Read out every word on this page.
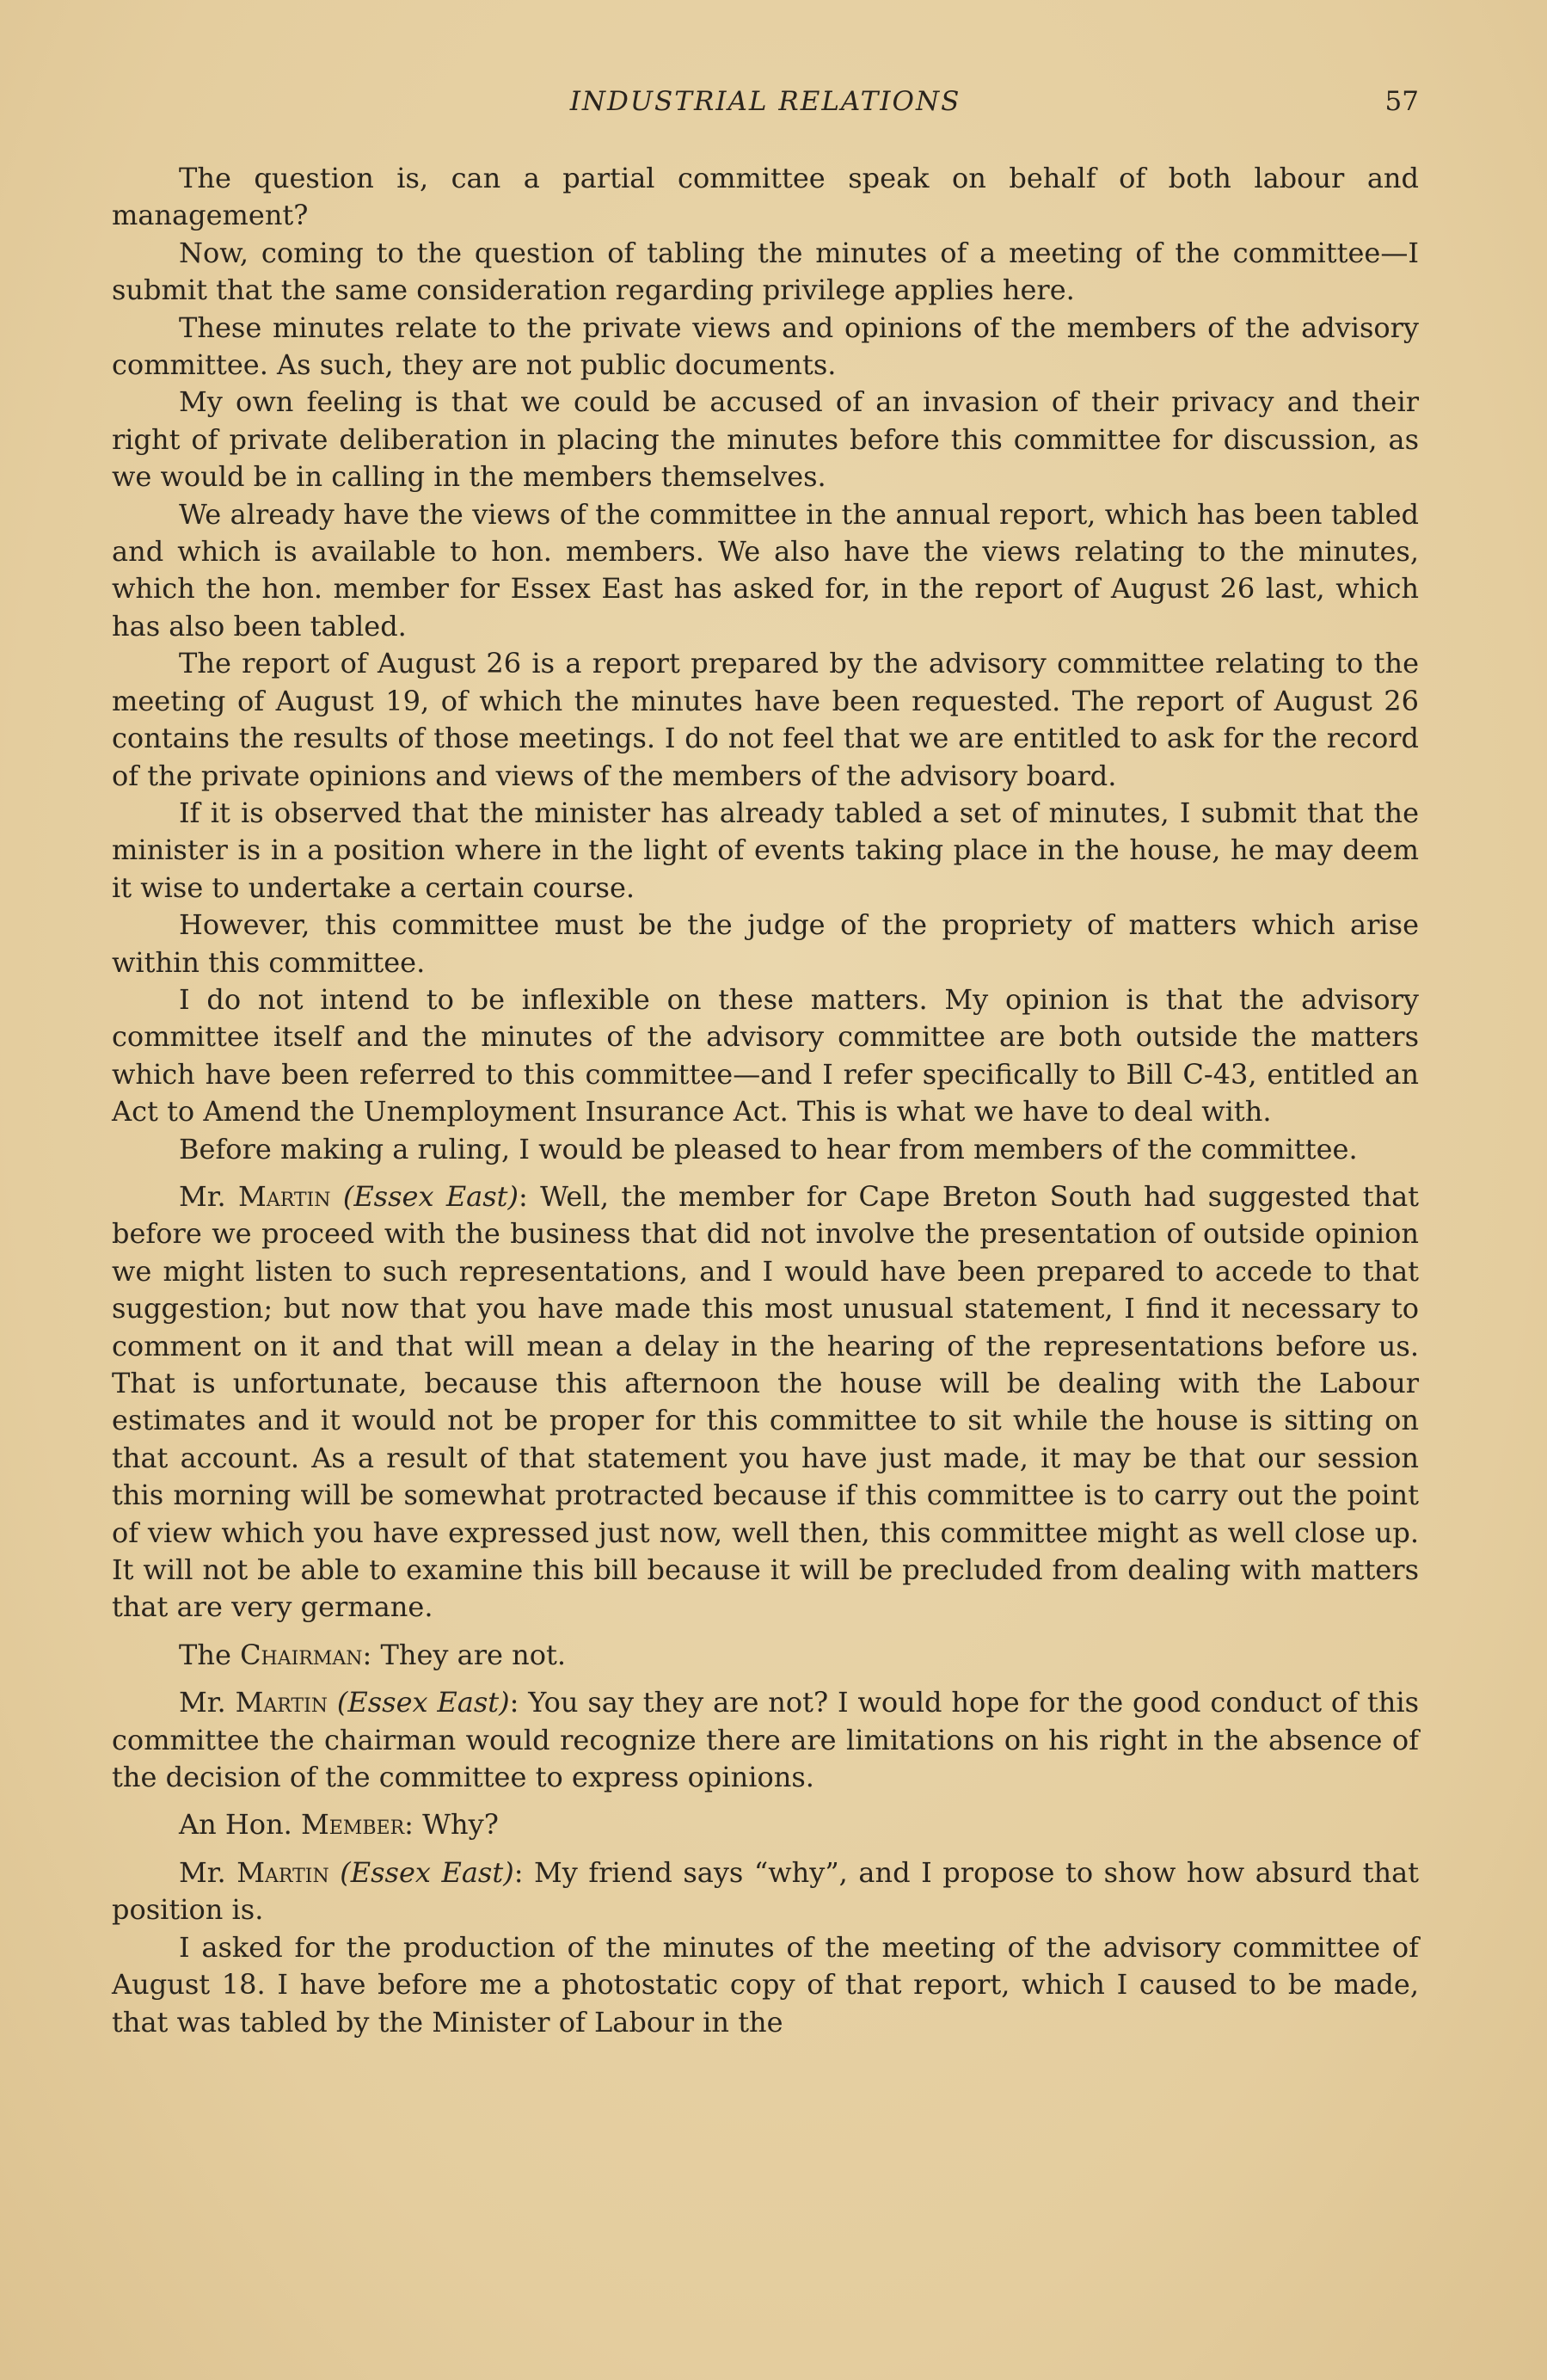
INDUSTRIAL RELATIONS	57

The question is, can a partial committee speak on behalf of both labour and management?

Now, coming to the question of tabling the minutes of a meeting of the committee—I submit that the same consideration regarding privilege applies here.

These minutes relate to the private views and opinions of the members of the advisory committee. As such, they are not public documents.

My own feeling is that we could be accused of an invasion of their privacy and their right of private deliberation in placing the minutes before this committee for discussion, as we would be in calling in the members themselves.

We already have the views of the committee in the annual report, which has been tabled and which is available to hon. members. We also have the views relating to the minutes, which the hon. member for Essex East has asked for, in the report of August 26 last, which has also been tabled.

The report of August 26 is a report prepared by the advisory committee relating to the meeting of August 19, of which the minutes have been requested. The report of August 26 contains the results of those meetings. I do not feel that we are entitled to ask for the record of the private opinions and views of the members of the advisory board.

If it is observed that the minister has already tabled a set of minutes, I submit that the minister is in a position where in the light of events taking place in the house, he may deem it wise to undertake a certain course.

However, this committee must be the judge of the propriety of matters which arise within this committee.

I do not intend to be inflexible on these matters. My opinion is that the advisory committee itself and the minutes of the advisory committee are both outside the matters which have been referred to this committee—and I refer specifically to Bill C-43, entitled an Act to Amend the Unemployment Insurance Act. This is what we have to deal with.

Before making a ruling, I would be pleased to hear from members of the committee.

Mr. Martin (Essex East): Well, the member for Cape Breton South had suggested that before we proceed with the business that did not involve the presentation of outside opinion we might listen to such representations, and I would have been prepared to accede to that suggestion; but now that you have made this most unusual statement, I find it necessary to comment on it and that will mean a delay in the hearing of the representations before us. That is unfortunate, because this afternoon the house will be dealing with the Labour estimates and it would not be proper for this committee to sit while the house is sitting on that account. As a result of that statement you have just made, it may be that our session this morning will be somewhat protracted because if this committee is to carry out the point of view which you have expressed just now, well then, this committee might as well close up. It will not be able to examine this bill because it will be precluded from dealing with matters that are very germane.

The Chairman: They are not.

Mr. Martin (Essex East): You say they are not? I would hope for the good conduct of this committee the chairman would recognize there are limitations on his right in the absence of the decision of the committee to express opinions.

An Hon. Member: Why?

Mr. Martin (Essex East): My friend says “why”, and I propose to show how absurd that position is.

I asked for the production of the minutes of the meeting of the advisory committee of August 18. I have before me a photostatic copy of that report, which I caused to be made, that was tabled by the Minister of Labour in the
